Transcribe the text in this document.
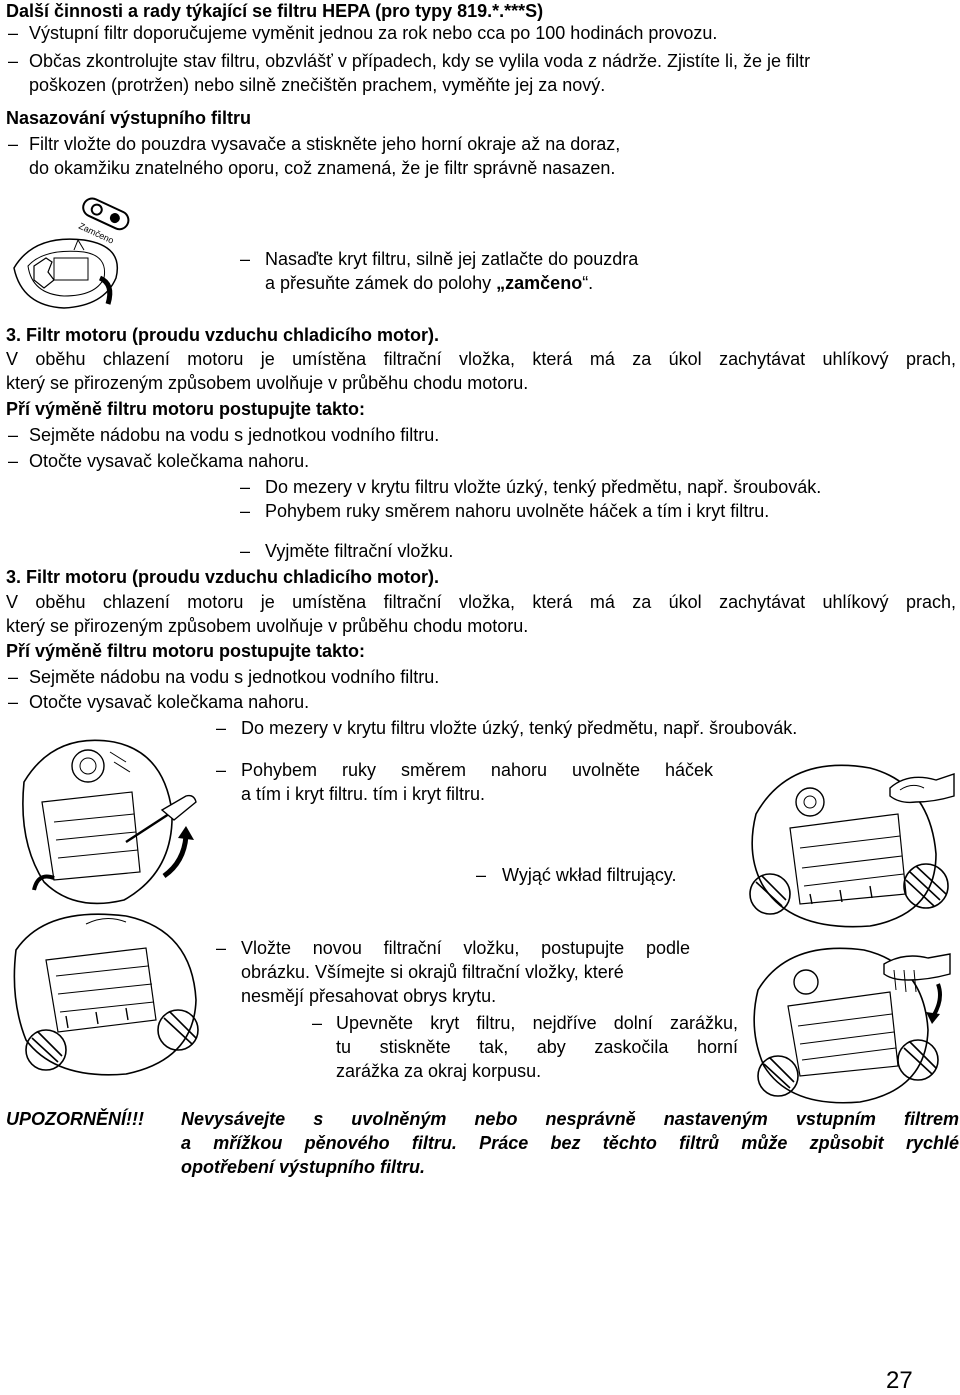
Další činnosti a rady týkající se filtru HEPA (pro typy 819.*.***S)
– Výstupní filtr doporučujeme vyměnit jednou za rok nebo cca po 100 hodinách provozu.
– Občas zkontrolujte stav filtru, obzvlášť v případech, kdy se vylila voda z nádrže. Zjistíte li, že je filtr
poškozen (protržen) nebo silně znečištěn prachem, vyměňte jej za nový.
Nasazování výstupního filtru
– Filtr vložte do pouzdra vysavače a stiskněte jeho horní okraje až na doraz,
do okamžiku znatelného oporu, což znamená, že je filtr správně nasazen.
Zamčeno
– Nasaďte kryt filtru, silně jej zatlačte do pouzdra
a přesuňte zámek do polohy „zamčeno“.
3. Filtr motoru (proudu vzduchu chladicího motor).
V oběhu chlazení motoru je umístěna filtrační vložka, která má za úkol zachytávat uhlíkový prach,
který se přirozeným způsobem uvolňuje v průběhu chodu motoru.
Pří výměně filtru motoru postupujte takto:
– Sejměte nádobu na vodu s jednotkou vodního filtru.
– Otočte vysavač kolečkama nahoru.
– Do mezery v krytu filtru vložte úzký, tenký předmětu, např. šroubovák.
– Pohybem ruky směrem nahoru uvolněte háček a tím i kryt filtru.
– Vyjměte filtrační vložku.
3. Filtr motoru (proudu vzduchu chladicího motor).
V oběhu chlazení motoru je umístěna filtrační vložka, která má za úkol zachytávat uhlíkový prach,
který se přirozeným způsobem uvolňuje v průběhu chodu motoru.
Pří výměně filtru motoru postupujte takto:
– Sejměte nádobu na vodu s jednotkou vodního filtru.
– Otočte vysavač kolečkama nahoru.
– Do mezery v krytu filtru vložte úzký, tenký předmětu, např. šroubovák.
– Pohybem ruky směrem nahoru uvolněte háček
a tím i kryt filtru. tím i kryt filtru.
– Wyjąć wkład filtrujący.
– Vložte novou filtrační vložku, postupujte podle
obrázku. Všímejte si okrajů filtrační vložky, které
nesmějí přesahovat obrys krytu.
– Upevněte kryt filtru, nejdříve dolní zarážku,
tu stiskněte tak, aby zaskočila horní
zarážka za okraj korpusu.
UPOZORNĚNÍ!!! Nevysávejte s uvolněným nebo nesprávně nastaveným vstupním filtrem
a mřížkou pěnového filtru. Práce bez těchto filtrů může způsobit rychlé
opotřebení výstupního filtru.
27
